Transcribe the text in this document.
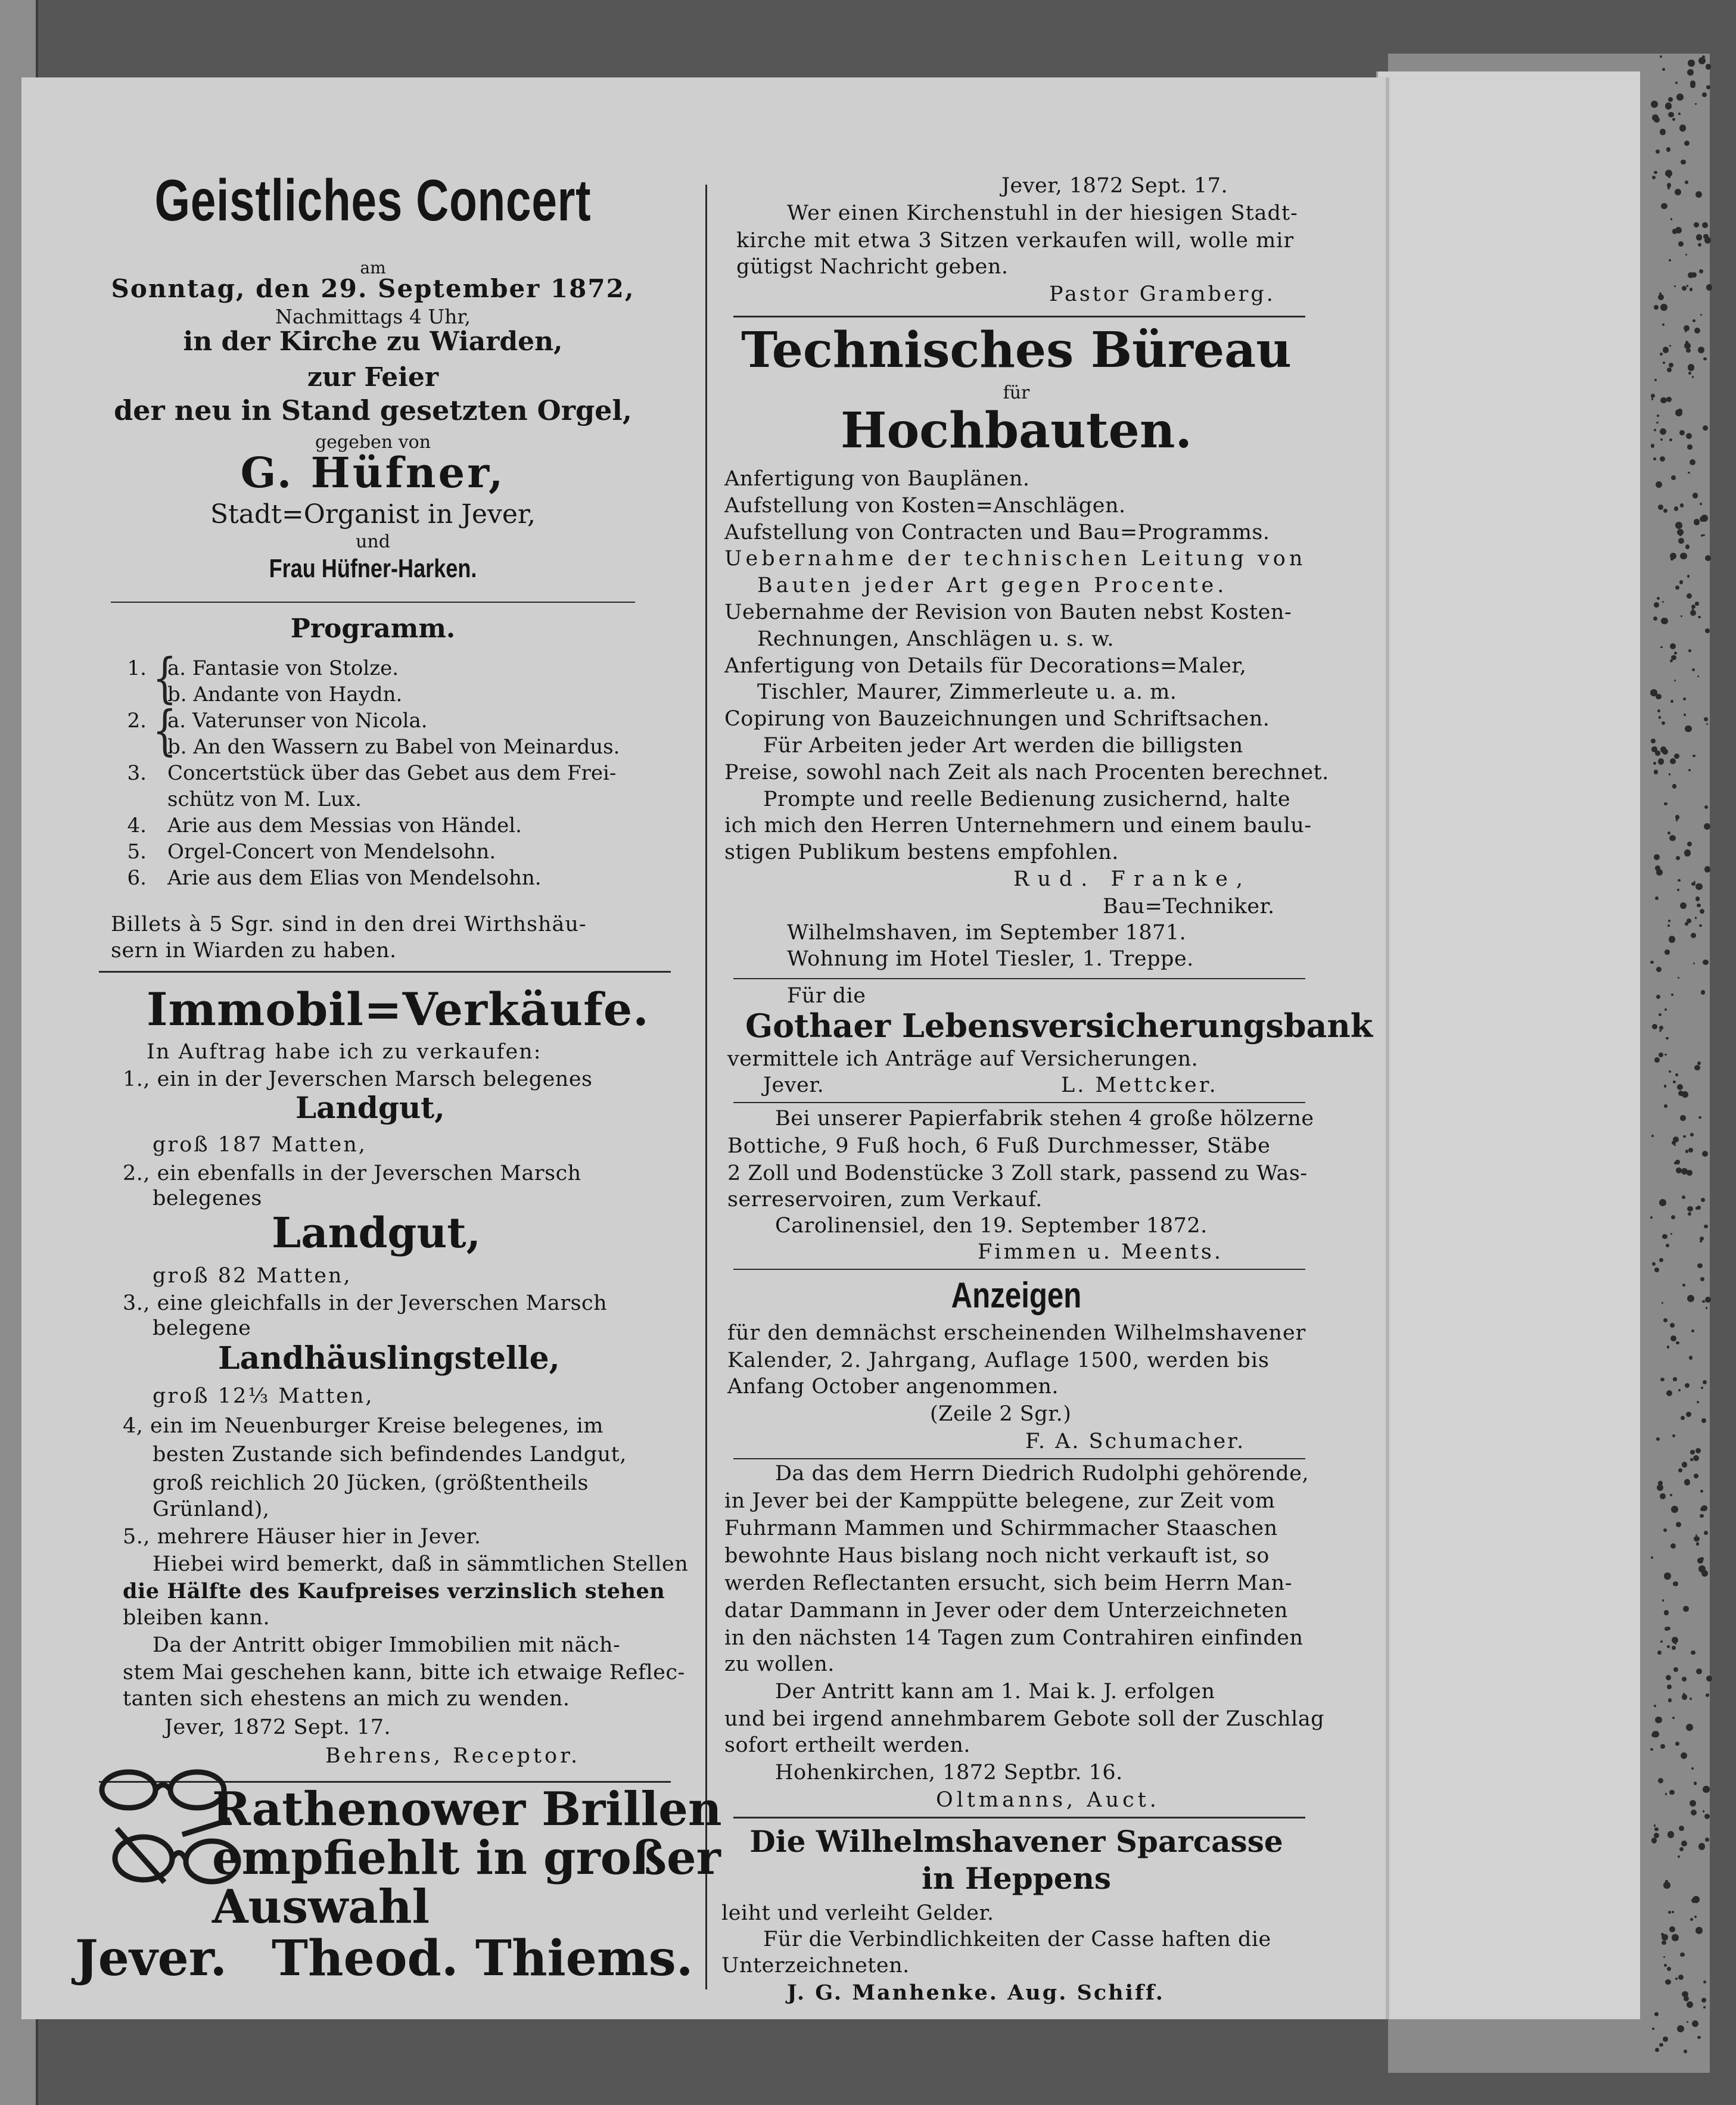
Geistliches Concert
am
Sonntag, den 29. September 1872,
Nachmittags 4 Uhr,
in der Kirche zu Wiarden,
zur Feier
der neu in Stand gesetzten Orgel,
gegeben von
G. Hüfner,
Stadt=Organist in Jever,
und
Frau Hüfner-Harken.
Programm.
1. a. Fantasie von Stolze.
b. Andante von Haydn.
2. a. Vaterunser von Nicola.
b. An den Wassern zu Babel von Meinardus.
3. Concertstück über das Gebet aus dem Frei-
schütz von M. Lux.
4. Arie aus dem Messias von Händel.
5. Orgel-Concert von Mendelsohn.
6. Arie aus dem Elias von Mendelsohn.
}
}
Billets à 5 Sgr. sind in den drei Wirthshäu-
sern in Wiarden zu haben.
Immobil=Verkäufe.
In Auftrag habe ich zu verkaufen:
1., ein in der Jeverschen Marsch belegenes
Landgut,
groß 187 Matten,
2., ein ebenfalls in der Jeverschen Marsch
belegenes
Landgut,
groß 82 Matten,
3., eine gleichfalls in der Jeverschen Marsch
belegene
Landhäuslingstelle,
groß 12⅓ Matten,
4, ein im Neuenburger Kreise belegenes, im
besten Zustande sich befindendes Landgut,
groß reichlich 20 Jücken, (größtentheils
Grünland),
5., mehrere Häuser hier in Jever.
Hiebei wird bemerkt, daß in sämmtlichen Stellen
die Hälfte des Kaufpreises verzinslich stehen
bleiben kann.
Da der Antritt obiger Immobilien mit näch-
stem Mai geschehen kann, bitte ich etwaige Reflec-
tanten sich ehestens an mich zu wenden.
Jever, 1872 Sept. 17.
Behrens, Receptor.
Rathenower Brillen
empfiehlt in großer
Auswahl
Jever. Theod. Thiems.
Jever, 1872 Sept. 17.
Wer einen Kirchenstuhl in der hiesigen Stadt-
kirche mit etwa 3 Sitzen verkaufen will, wolle mir
gütigst Nachricht geben.
Pastor Gramberg.
Technisches Büreau
für
Hochbauten.
Anfertigung von Bauplänen.
Aufstellung von Kosten=Anschlägen.
Aufstellung von Contracten und Bau=Programms.
Uebernahme der technischen Leitung von
Bauten jeder Art gegen Procente.
Uebernahme der Revision von Bauten nebst Kosten-
Rechnungen, Anschlägen u. s. w.
Anfertigung von Details für Decorations=Maler,
Tischler, Maurer, Zimmerleute u. a. m.
Copirung von Bauzeichnungen und Schriftsachen.
Für Arbeiten jeder Art werden die billigsten
Preise, sowohl nach Zeit als nach Procenten berechnet.
Prompte und reelle Bedienung zusichernd, halte
ich mich den Herren Unternehmern und einem baulu-
stigen Publikum bestens empfohlen.
Rud. Franke,
Bau=Techniker.
Wilhelmshaven, im September 1871.
Wohnung im Hotel Tiesler, 1. Treppe.
Für die
Gothaer Lebensversicherungsbank
vermittele ich Anträge auf Versicherungen.
Jever.	L. Mettcker.
Bei unserer Papierfabrik stehen 4 große hölzerne
Bottiche, 9 Fuß hoch, 6 Fuß Durchmesser, Stäbe
2 Zoll und Bodenstücke 3 Zoll stark, passend zu Was-
serreservoiren, zum Verkauf.
Carolinensiel, den 19. September 1872.
Fimmen u. Meents.
Anzeigen
für den demnächst erscheinenden Wilhelmshavener
Kalender, 2. Jahrgang, Auflage 1500, werden bis
Anfang October angenommen.
(Zeile 2 Sgr.)
F. A. Schumacher.
Da das dem Herrn Diedrich Rudolphi gehörende,
in Jever bei der Kamppütte belegene, zur Zeit vom
Fuhrmann Mammen und Schirmmacher Staaschen
bewohnte Haus bislang noch nicht verkauft ist, so
werden Reflectanten ersucht, sich beim Herrn Man-
datar Dammann in Jever oder dem Unterzeichneten
in den nächsten 14 Tagen zum Contrahiren einfinden
zu wollen.
Der Antritt kann am 1. Mai k. J. erfolgen
und bei irgend annehmbarem Gebote soll der Zuschlag
sofort ertheilt werden.
Hohenkirchen, 1872 Septbr. 16.
Oltmanns, Auct.
Die Wilhelmshavener Sparcasse
in Heppens
leiht und verleiht Gelder.
Für die Verbindlichkeiten der Casse haften die
Unterzeichneten.
J. G. Manhenke. Aug. Schiff.
